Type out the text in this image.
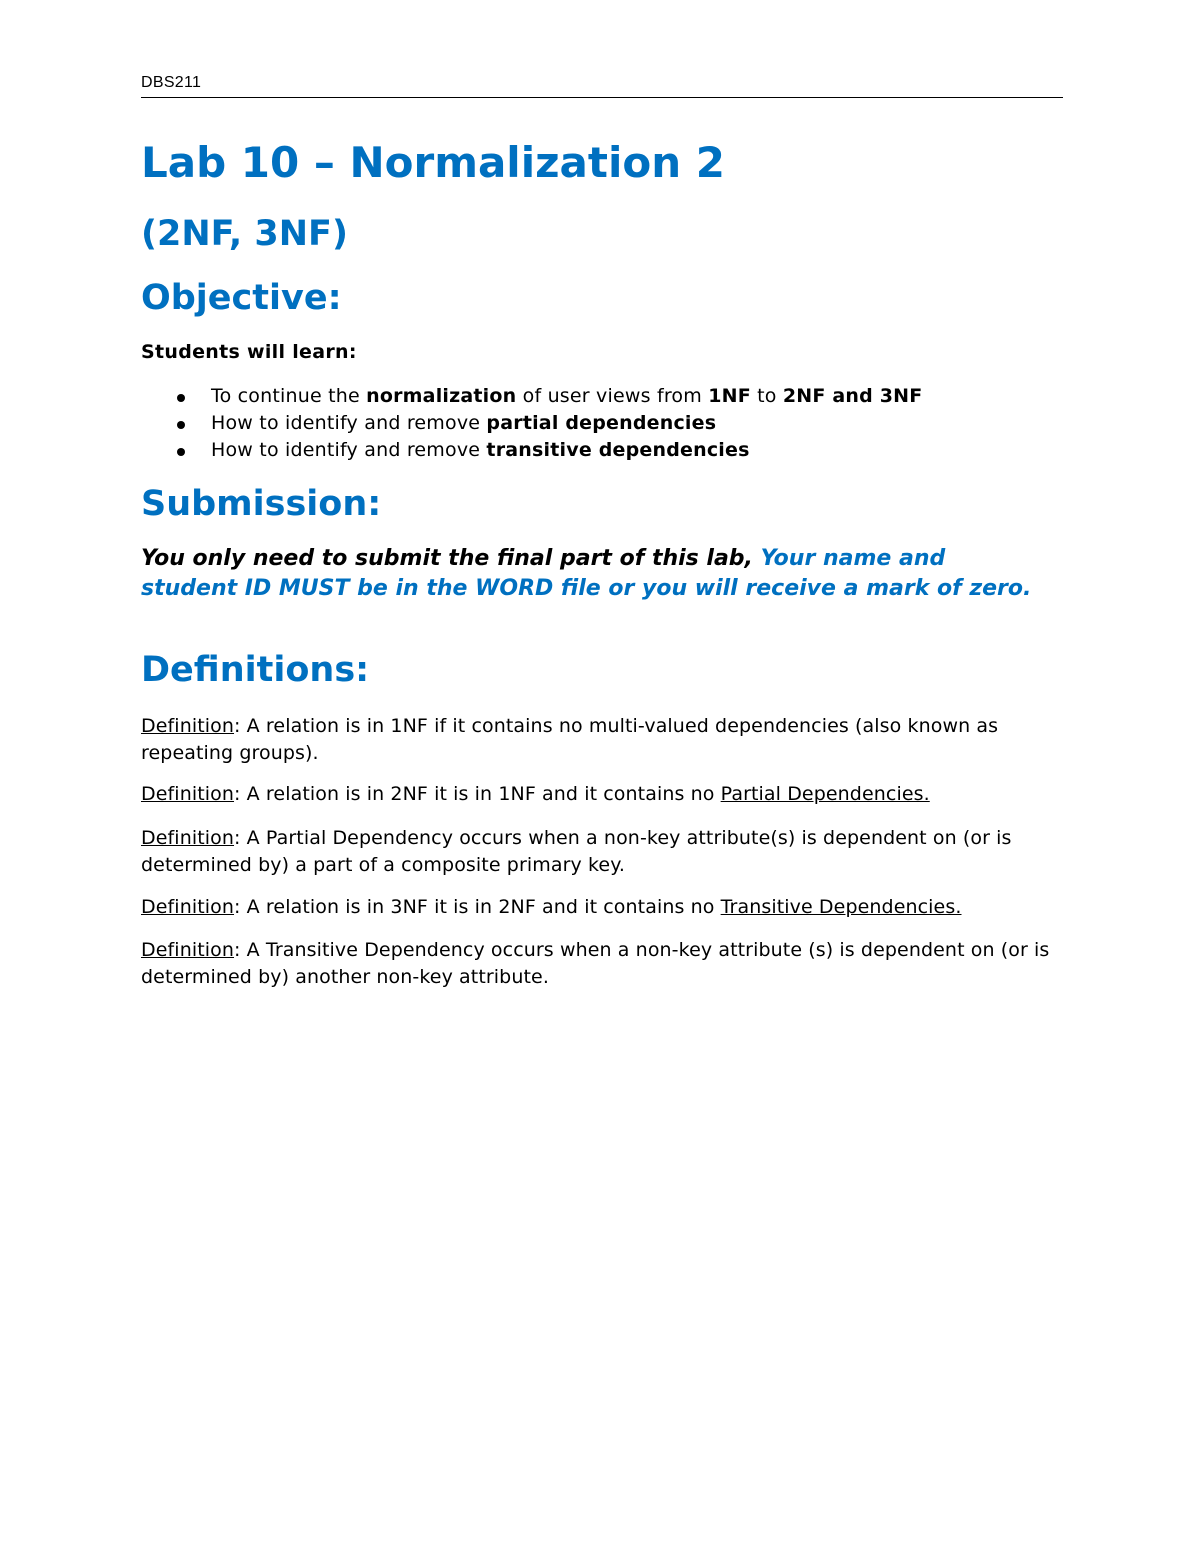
DBS211
Lab 10 – Normalization 2
(2NF, 3NF)
Objective:
Students will learn:
To continue the normalization of user views from 1NF to 2NF and 3NF
How to identify and remove partial dependencies
How to identify and remove transitive dependencies
Submission:

You only need to submit the final part of this lab, Your name and student ID MUST be in the WORD file or you will receive a mark of zero.

Definitions:

Definition: A relation is in 1NF if it contains no multi-valued dependencies (also known as repeating groups).

Definition: A relation is in 2NF it is in 1NF and it contains no Partial Dependencies.

Definition: A Partial Dependency occurs when a non-key attribute(s) is dependent on (or is determined by) a part of a composite primary key.

Definition: A relation is in 3NF it is in 2NF and it contains no Transitive Dependencies.

Definition: A Transitive Dependency occurs when a non-key attribute (s) is dependent on (or is determined by) another non-key attribute.
